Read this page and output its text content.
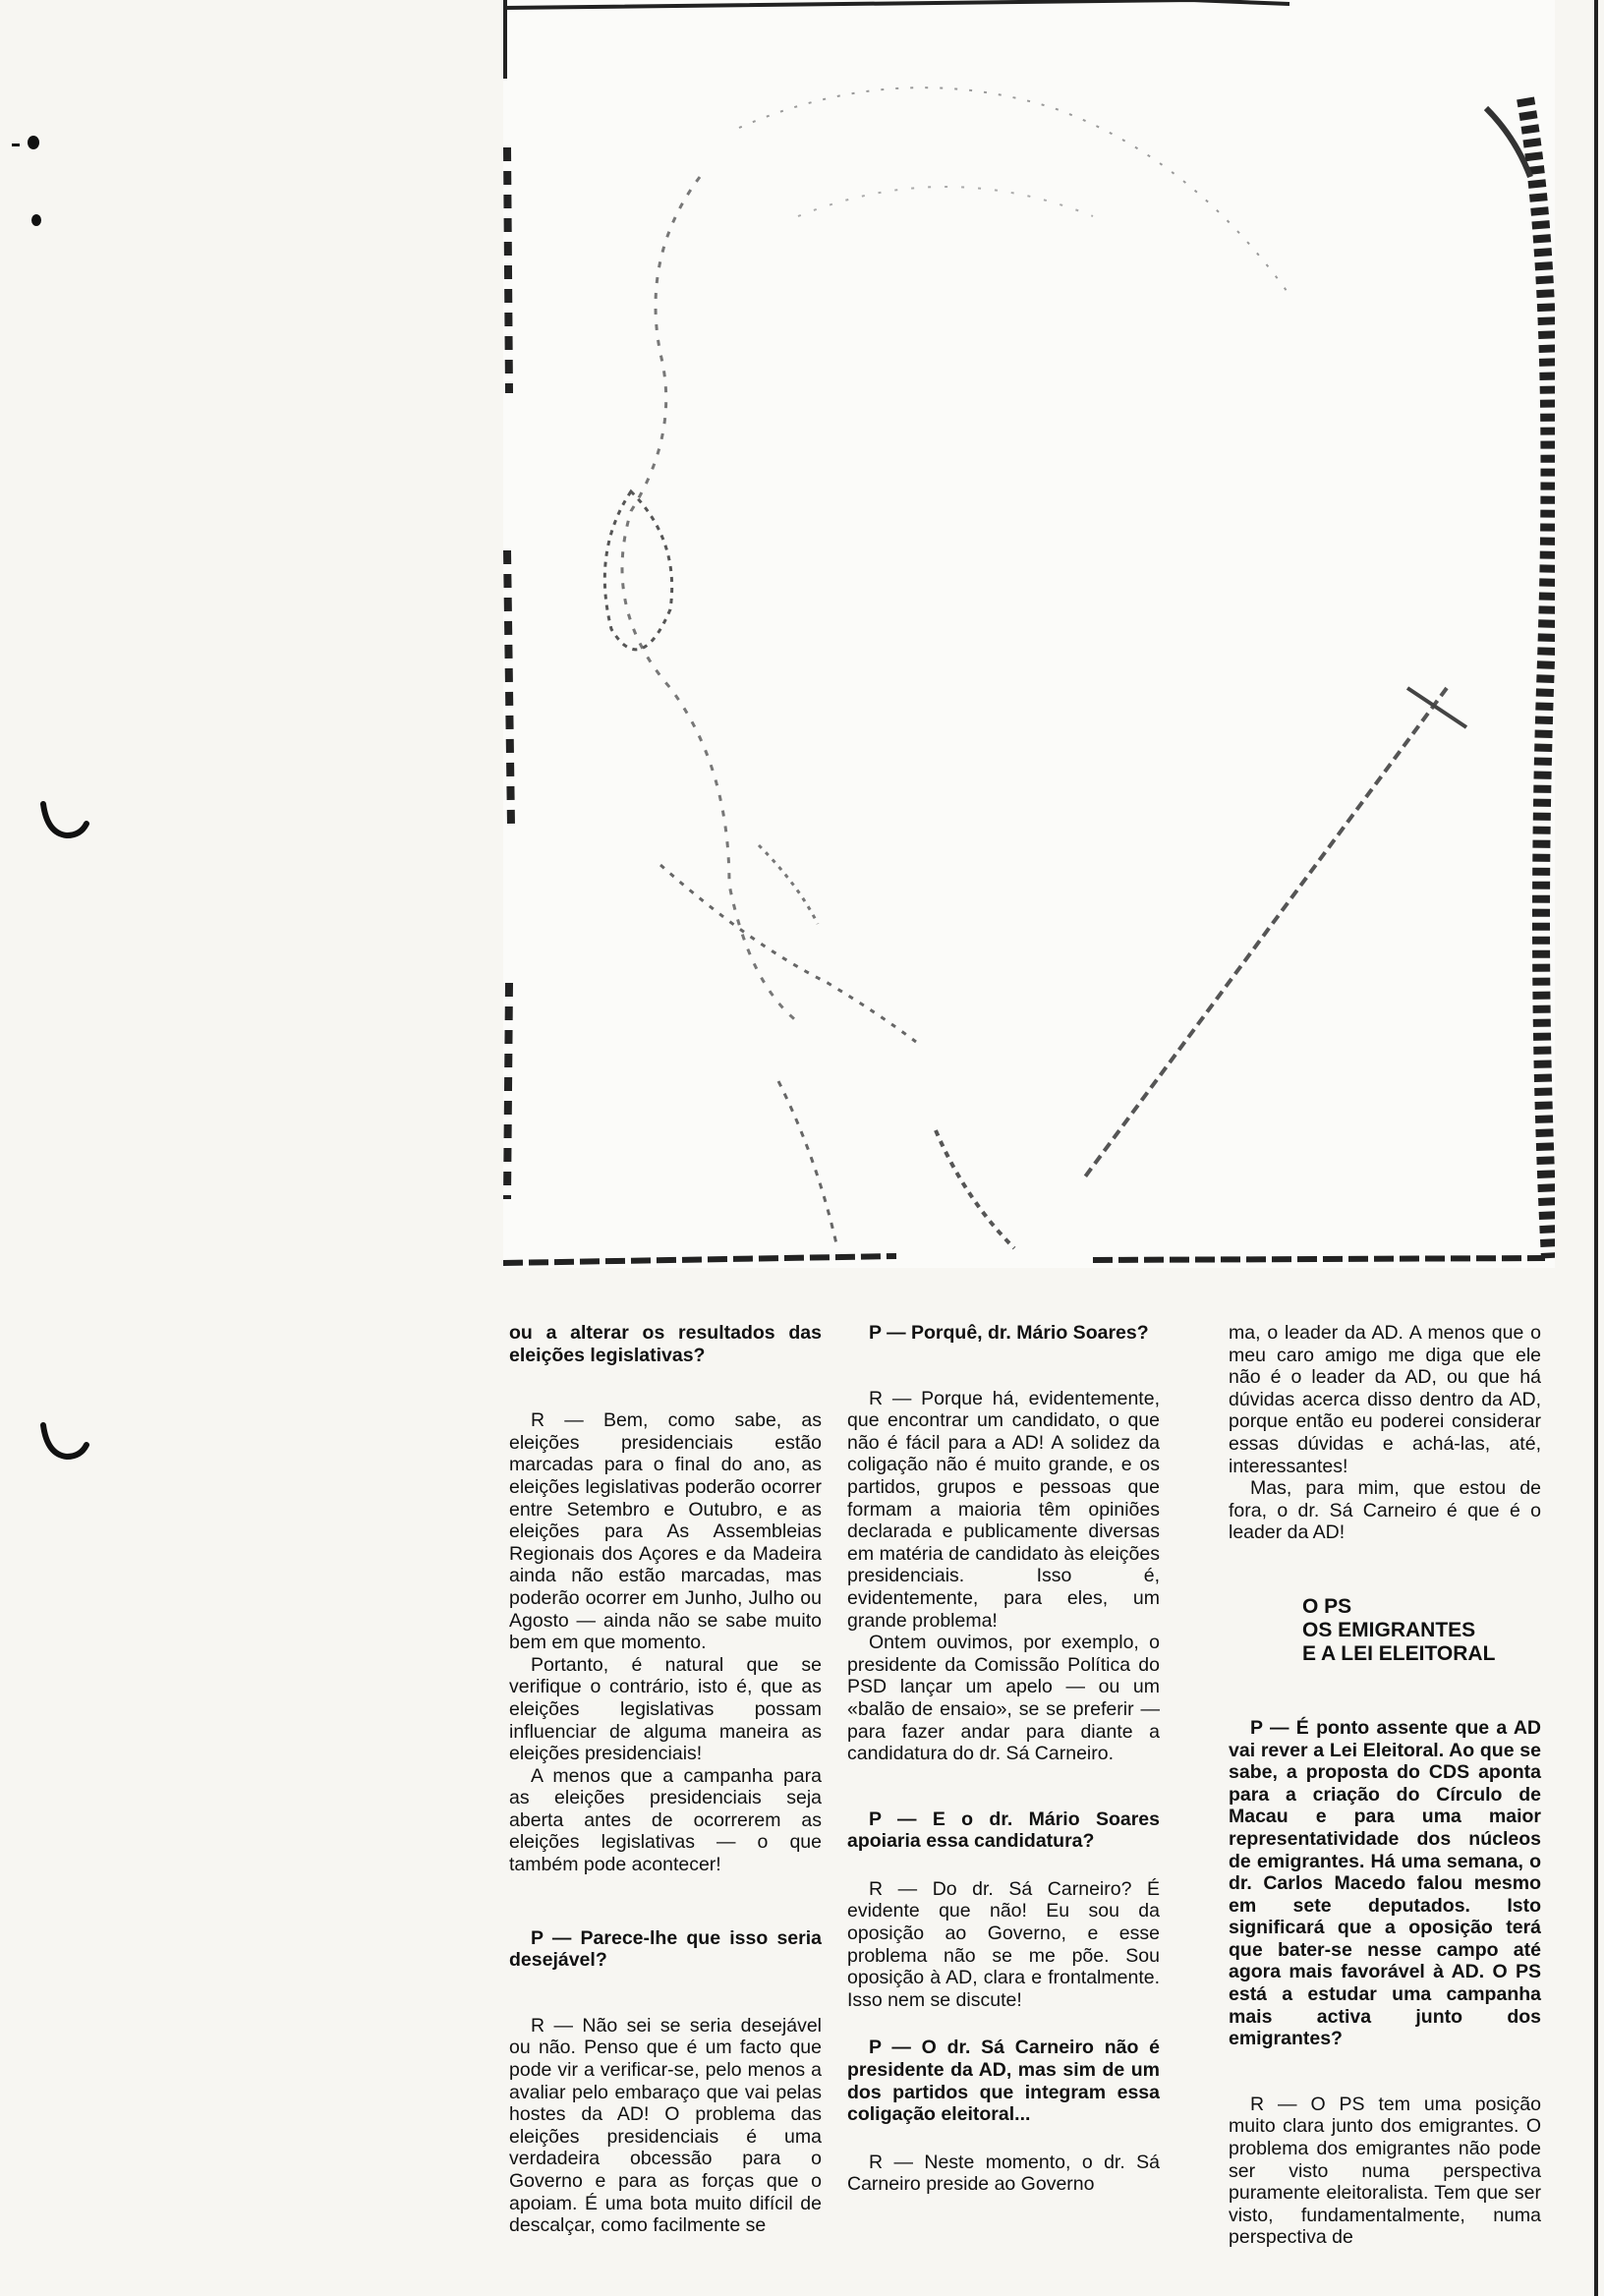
ou a alterar os resultados das eleições legislativas?

R — Bem, como sabe, as eleições presidenciais estão marcadas para o final do ano, as eleições legislativas poderão ocorrer entre Setembro e Outubro, e as eleições para As Assembleias Regionais dos Açores e da Madeira ainda não estão marcadas, mas poderão ocorrer em Junho, Julho ou Agosto — ainda não se sabe muito bem em que momento.

Portanto, é natural que se verifique o contrário, isto é, que as eleições legislativas possam influenciar de alguma maneira as eleições presidenciais!

A menos que a campanha para as eleições presidenciais seja aberta antes de ocorrerem as eleições legislativas — o que também pode acontecer!

P — Parece-lhe que isso seria desejável?

R — Não sei se seria desejável ou não. Penso que é um facto que pode vir a verificar-se, pelo menos a avaliar pelo embaraço que vai pelas hostes da AD! O problema das eleições presidenciais é uma verdadeira obcessão para o Governo e para as forças que o apoiam. É uma bota muito difícil de descalçar, como facilmente se

P — Porquê, dr. Mário Soares?

R — Porque há, evidentemente, que encontrar um candidato, o que não é fácil para a AD! A solidez da coligação não é muito grande, e os partidos, grupos e pessoas que formam a maioria têm opiniões declarada e publicamente diversas em matéria de candidato às eleições presidenciais. Isso é, evidentemente, para eles, um grande problema!

Ontem ouvimos, por exemplo, o presidente da Comissão Política do PSD lançar um apelo — ou um «balão de ensaio», se se preferir — para fazer andar para diante a candidatura do dr. Sá Carneiro.

P — E o dr. Mário Soares apoiaria essa candidatura?

R — Do dr. Sá Carneiro? É evidente que não! Eu sou da oposição ao Governo, e esse problema não se me põe. Sou oposição à AD, clara e frontalmente. Isso nem se discute!

P — O dr. Sá Carneiro não é presidente da AD, mas sim de um dos partidos que integram essa coligação eleitoral...

R — Neste momento, o dr. Sá Carneiro preside ao Governo

ma, o leader da AD. A menos que o meu caro amigo me diga que ele não é o leader da AD, ou que há dúvidas acerca disso dentro da AD, porque então eu poderei considerar essas dúvidas e achá-las, até, interessantes!

Mas, para mim, que estou de fora, o dr. Sá Carneiro é que é o leader da AD!

O PS
OS EMIGRANTES
E A LEI ELEITORAL

P — É ponto assente que a AD vai rever a Lei Eleitoral. Ao que se sabe, a proposta do CDS aponta para a criação do Círculo de Macau e para uma maior representatividade dos núcleos de emigrantes. Há uma semana, o dr. Carlos Macedo falou mesmo em sete deputados. Isto significará que a oposição terá que bater-se nesse campo até agora mais favorável à AD. O PS está a estudar uma campanha mais activa junto dos emigrantes?

R — O PS tem uma posição muito clara junto dos emigrantes. O problema dos emigrantes não pode ser visto numa perspectiva puramente eleitoralista. Tem que ser visto, fundamentalmente, numa perspectiva de
